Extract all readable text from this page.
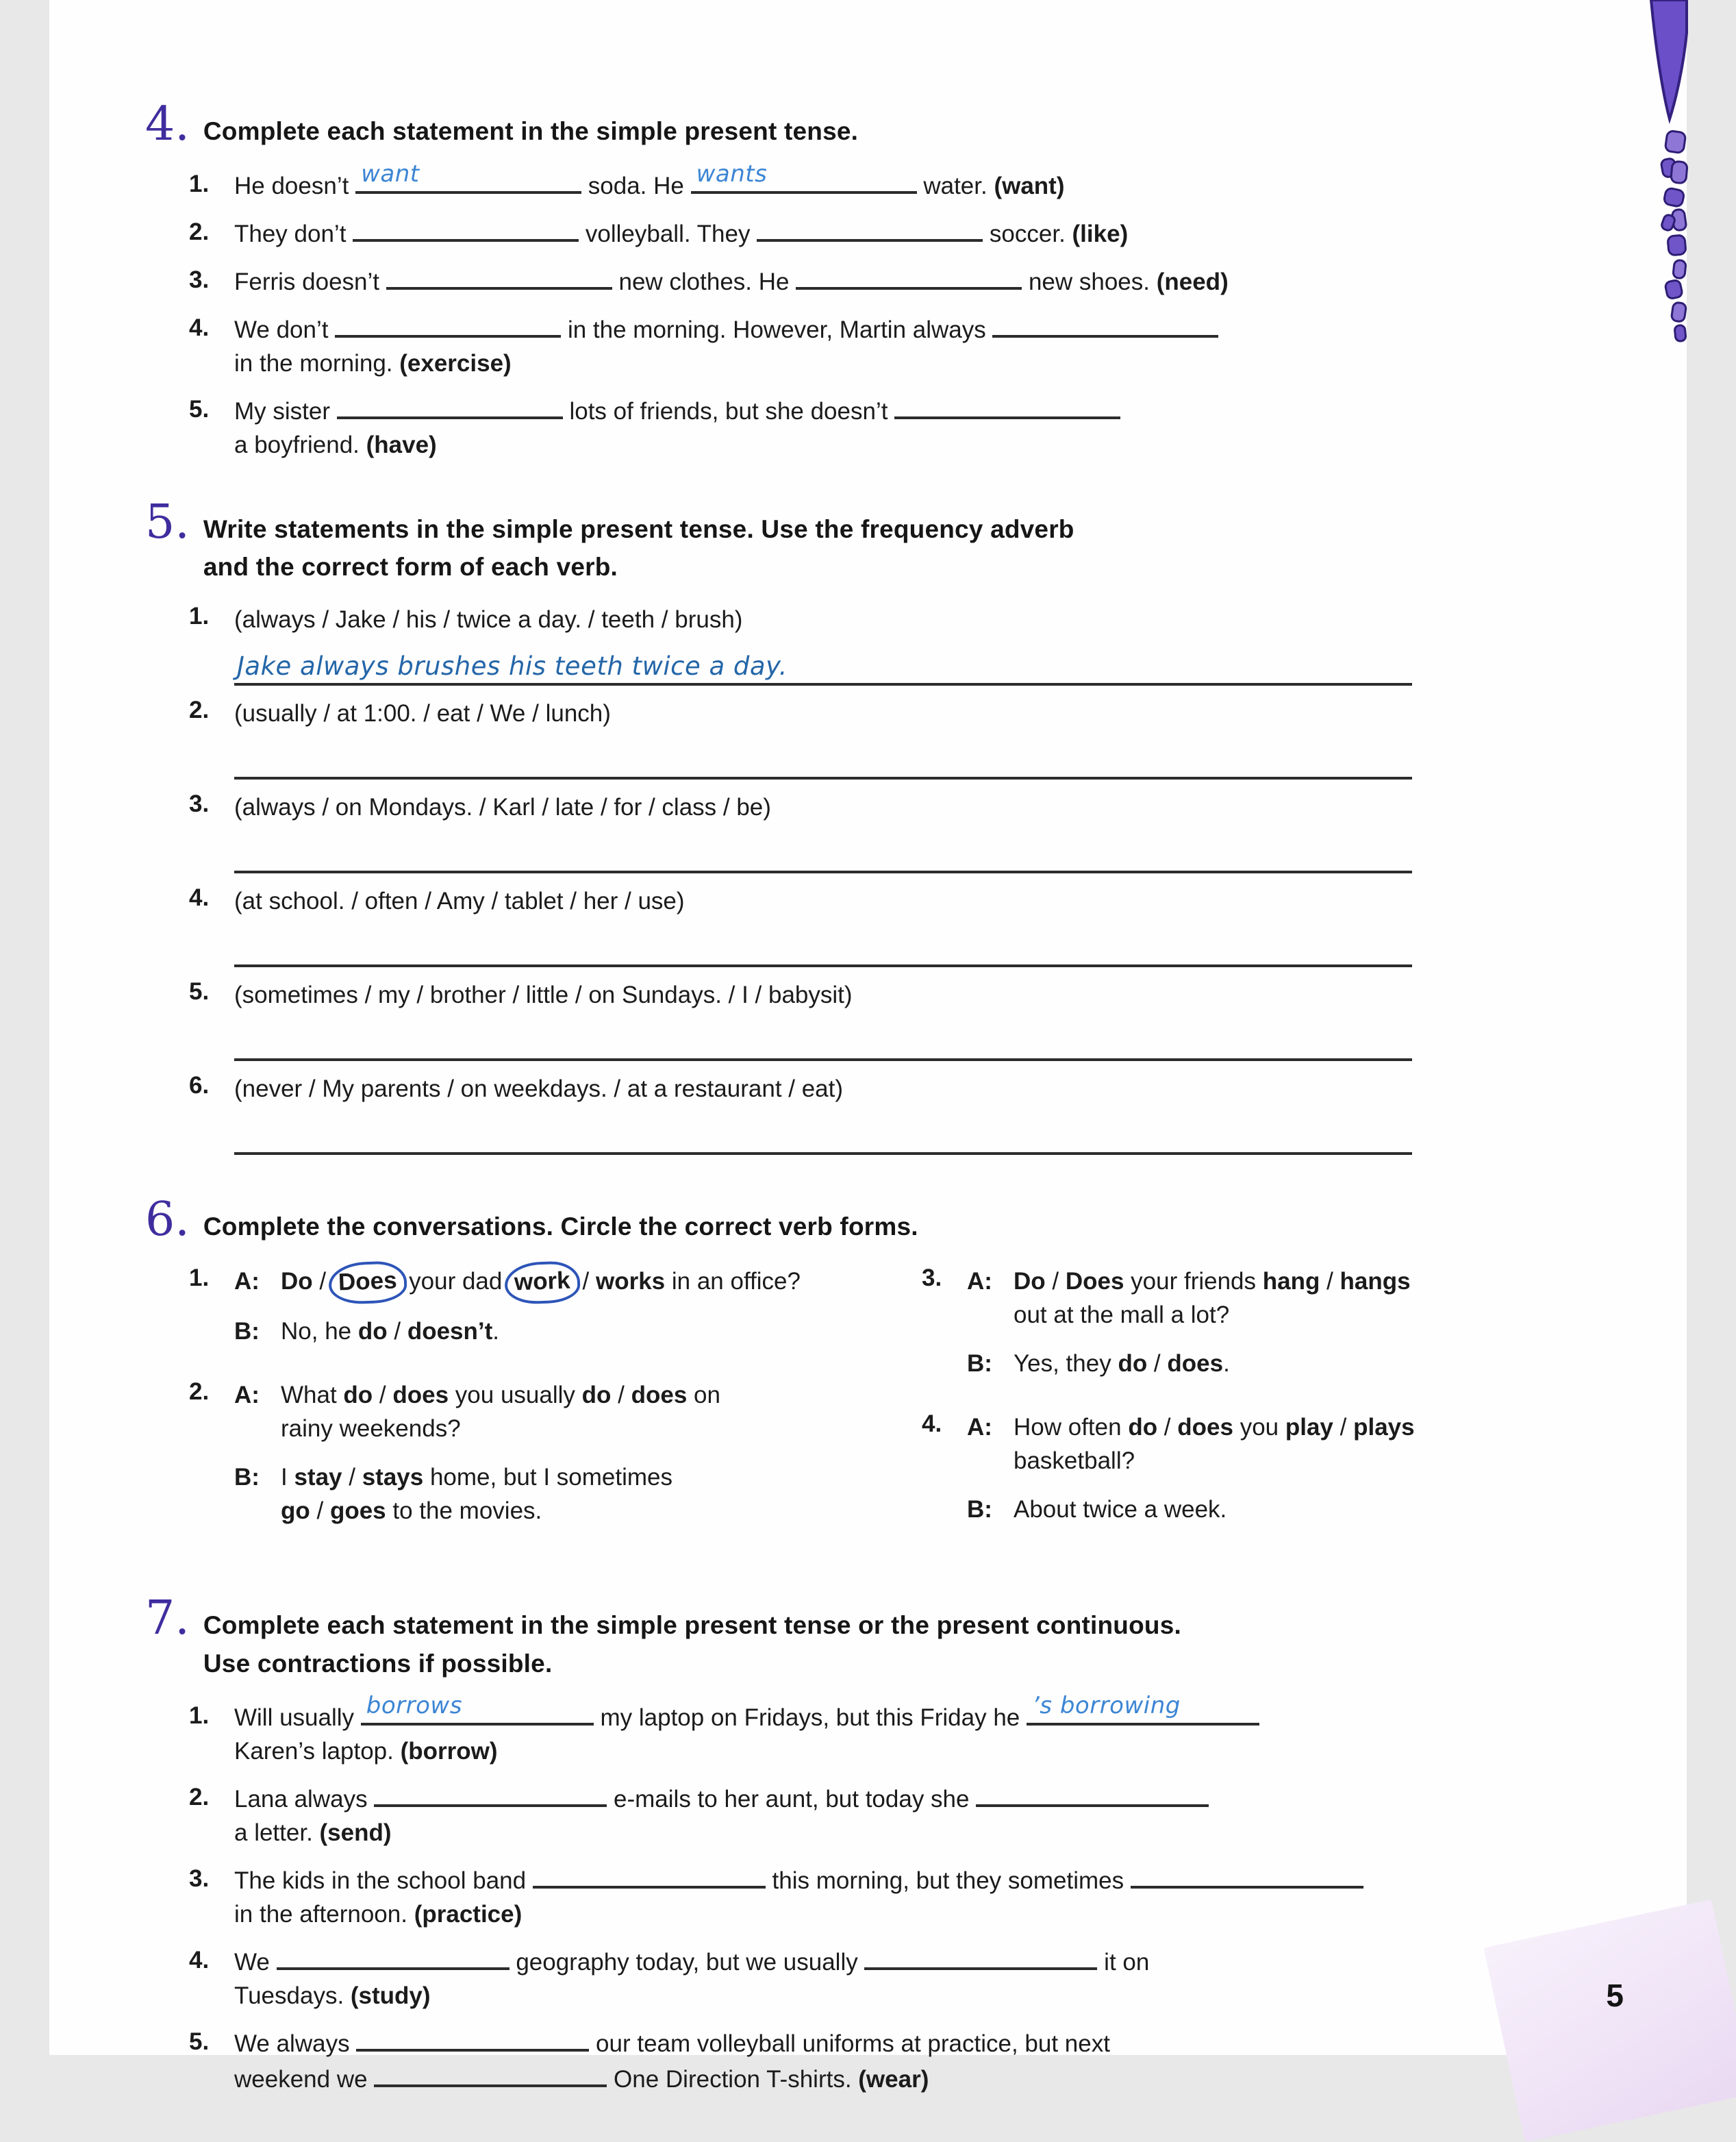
4. Complete each statement in the simple present tense.
1.	He doesn’t want	soda. He wants	water. (want)
2.	They don’t	volleyball. They	soccer. (like)
3.	Ferris doesn’t	new clothes. He	new shoes. (need)
4.	We don’t	in the morning. However, Martin always
in the morning. (exercise)
5.	My sister	lots of friends, but she doesn’t
a boyfriend. (have)
5. Write statements in the simple present tense. Use the frequency adverb
and the correct form of each verb.
1.	(always / Jake / his / twice a day. / teeth / brush)
Jake always brushes his teeth twice a day.
2.	(usually / at 1:00. / eat / We / lunch)
3.	(always / on Mondays. / Karl / late / for / class / be)
4.	(at school. / often / Amy / tablet / her / use)
5.	(sometimes / my / brother / little / on Sundays. / I / babysit)
6.	(never / My parents / on weekdays. / at a restaurant / eat)
6. Complete the conversations. Circle the correct verb forms.
1.	A: Do / Does your dad work / works in an office?
B: No, he do / doesn’t.
2.	A: What do / does you usually do / does on
rainy weekends?
B: I stay / stays home, but I sometimes
go / goes to the movies.
3.	A: Do / Does your friends hang / hangs
out at the mall a lot?
B: Yes, they do / does.
4.	A: How often do / does you play / plays
basketball?
B: About twice a week.
7. Complete each statement in the simple present tense or the present continuous.
Use contractions if possible.
1.	Will usually borrows	my laptop on Fridays, but this Friday he ’s borrowing
Karen’s laptop. (borrow)
2.	Lana always	e-mails to her aunt, but today she
a letter. (send)
3.	The kids in the school band	this morning, but they sometimes
in the afternoon. (practice)
4.	We	geography today, but we usually	it on
Tuesdays. (study)
5.	We always	our team volleyball uniforms at practice, but next
weekend we	One Direction T-shirts. (wear)
5
